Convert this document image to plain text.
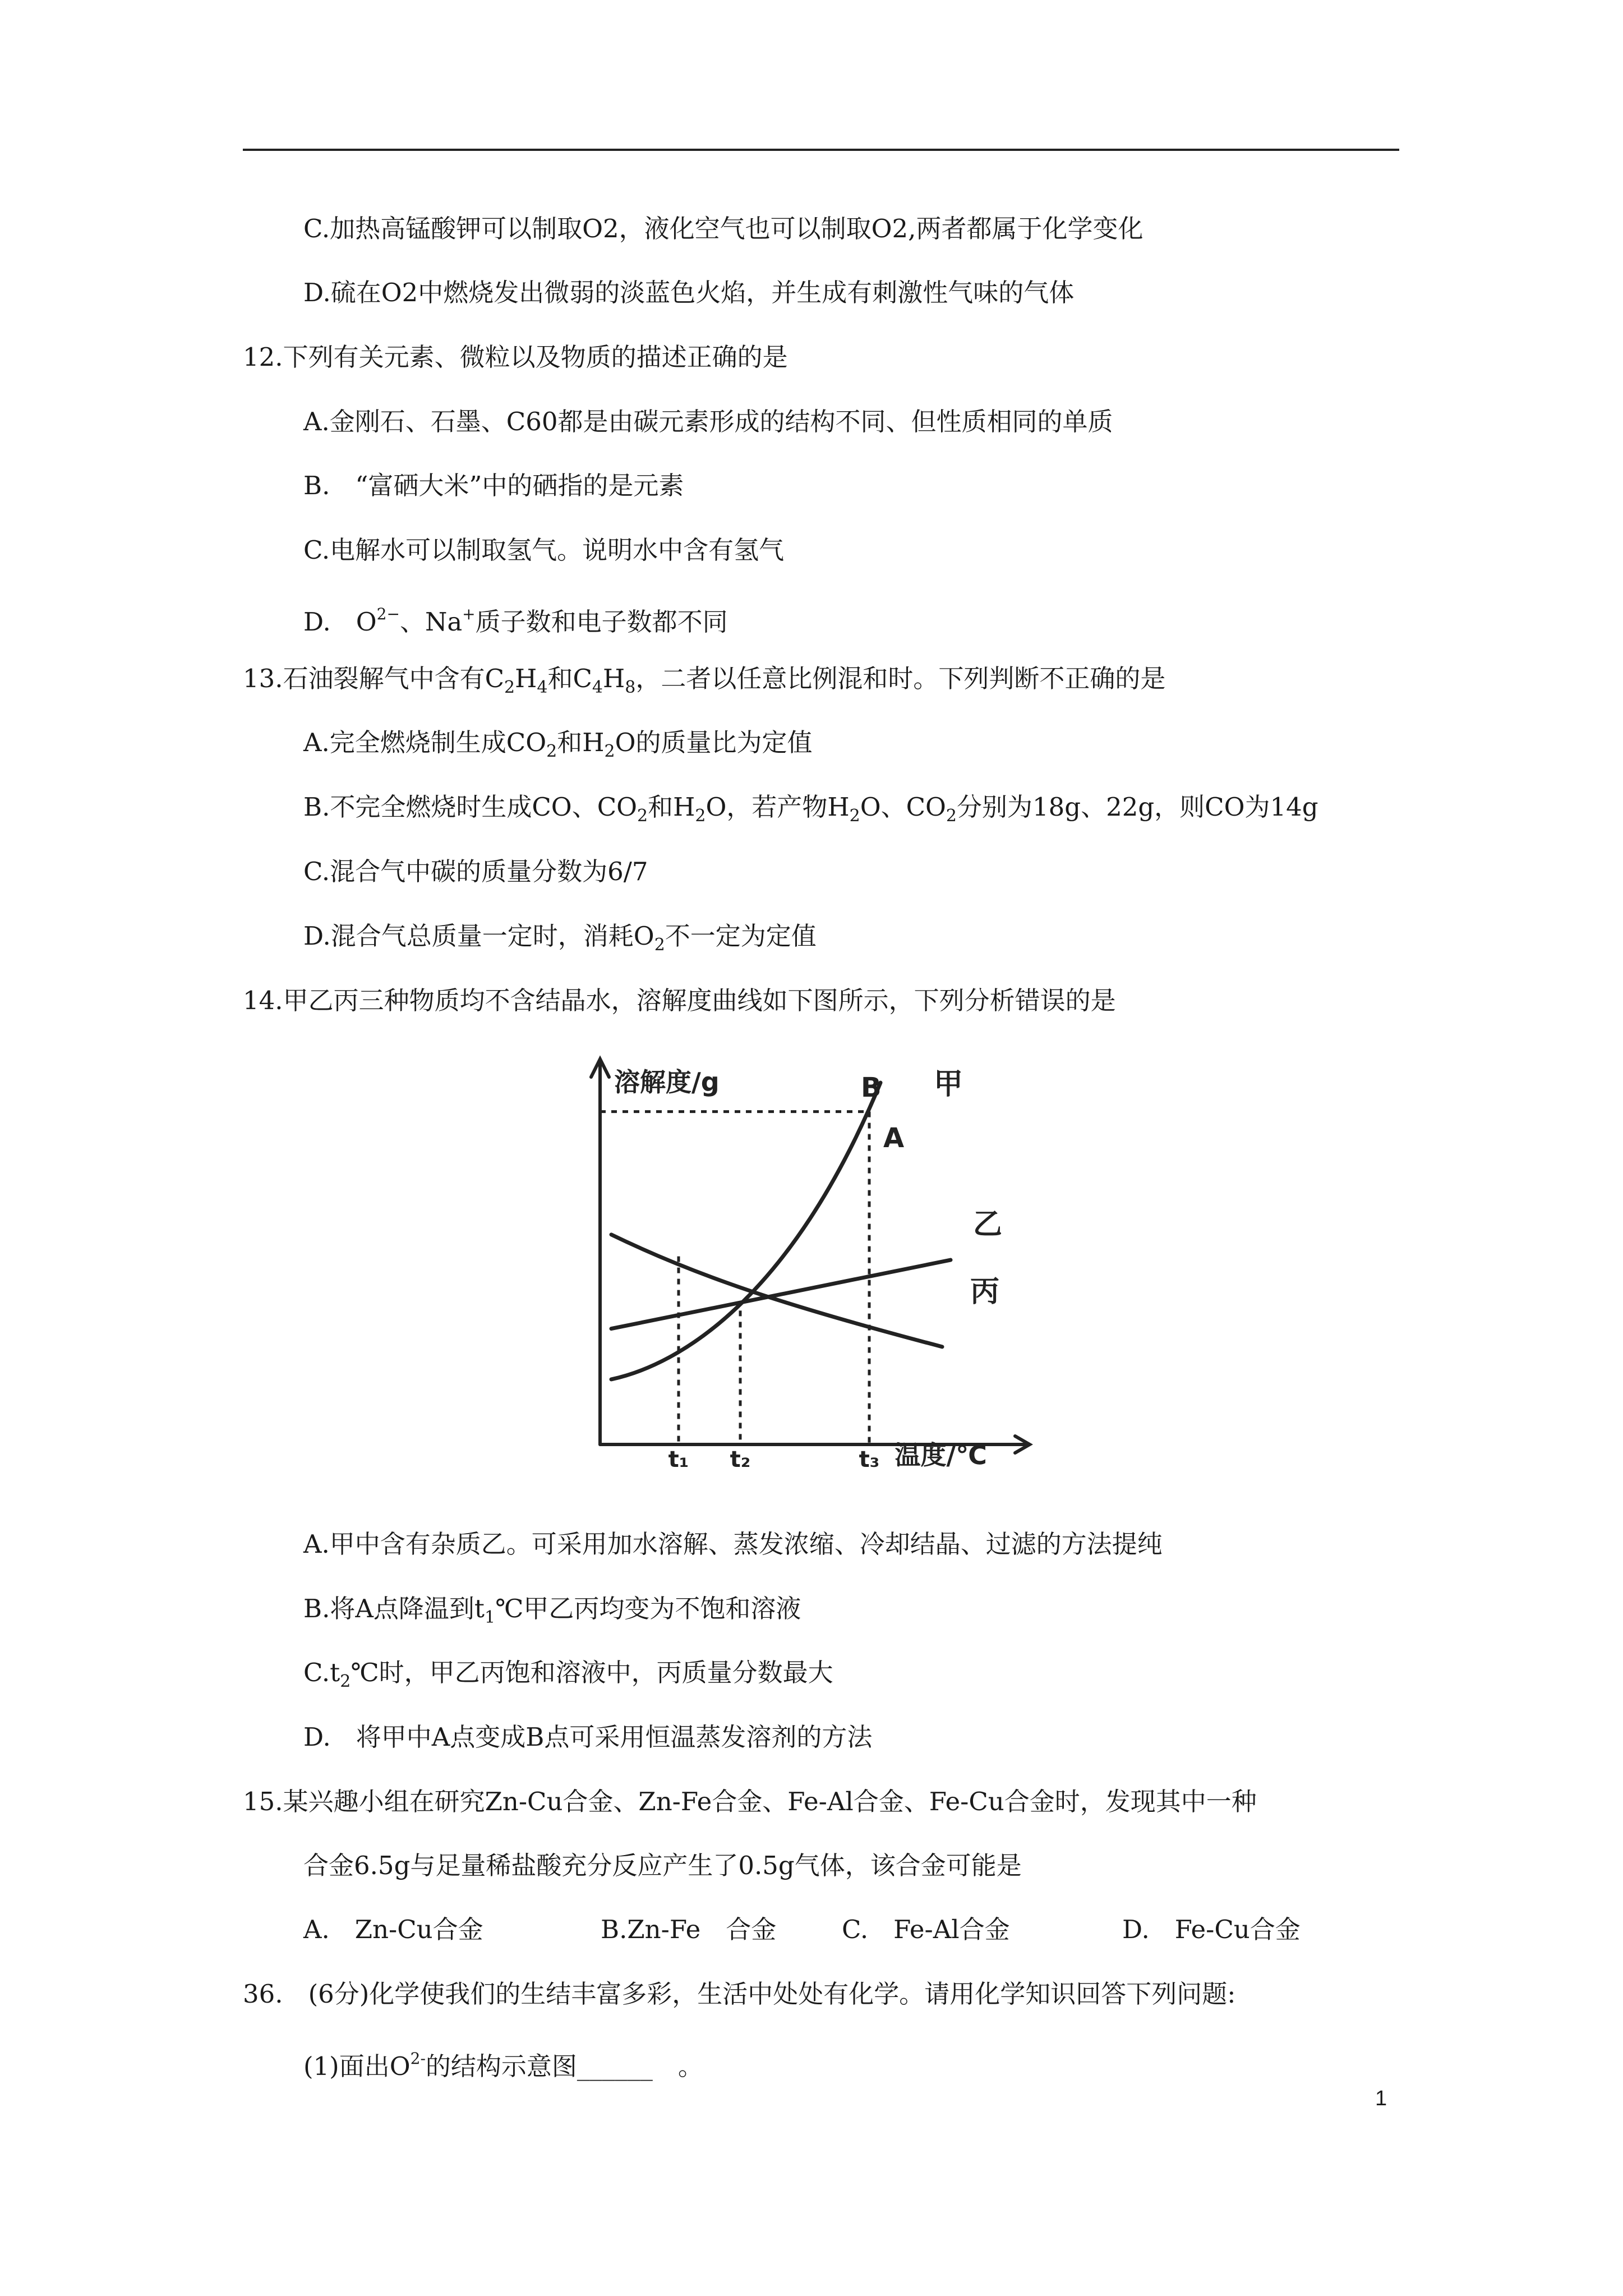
C.加热高锰酸钾可以制取O2，液化空气也可以制取O2,两者都属于化学变化
D.硫在O2中燃烧发出微弱的淡蓝色火焰，并生成有刺激性气味的气体
12.下列有关元素、微粒以及物质的描述正确的是
A.金刚石、石墨、C60都是由碳元素形成的结构不同、但性质相同的单质
B.　“富硒大米”中的硒指的是元素
C.电解水可以制取氢气。说明水中含有氢气
D.　$O^{2-}$、Na+质子数和电子数都不同
13.石油裂解气中含有$C_2H_4$和$C_4H_8$，二者以任意比例混和时。下列判断不正确的是
A.完全燃烧制生成$CO_2$和$H_2O$的质量比为定值
B.不完全燃烧时生成CO、$CO_2$和$H_2O$，若产物$H_2O$、$CO_2$分别为18g、22g，则CO为14g
C.混合气中碳的质量分数为6/7
D.混合气总质量一定时，消耗$O_2$不一定为定值
14.甲乙丙三种物质均不含结晶水，溶解度曲线如下图所示，下列分析错误的是
溶解度/g
温度/℃
t₁ t₂	t₃
甲
乙
丙
A
B
A.甲中含有杂质乙。可采用加水溶解、蒸发浓缩、冷却结晶、过滤的方法提纯
B.将A点降温到$t_1℃$甲乙丙均变为不饱和溶液
$C.t_2℃$时，甲乙丙饱和溶液中，丙质量分数最大
D.　将甲中A点变成B点可采用恒温蒸发溶剂的方法
15.某兴趣小组在研究Zn-Cu合金、Zn-Fe合金、Fe-Al合金、Fe-Cu合金时，发现其中一种
合金6.5g与足量稀盐酸充分反应产生了0.5g气体，该合金可能是
A.　Zn-Cu合金	B.Zn-Fe　合金	C.　Fe-Al合金	D.　Fe-Cu合金
36.　(6分)化学使我们的生结丰富多彩，生活中处处有化学。请用化学知识回答下列问题:
(1)面出$O^{2-}$的结构示意图______　。
1
